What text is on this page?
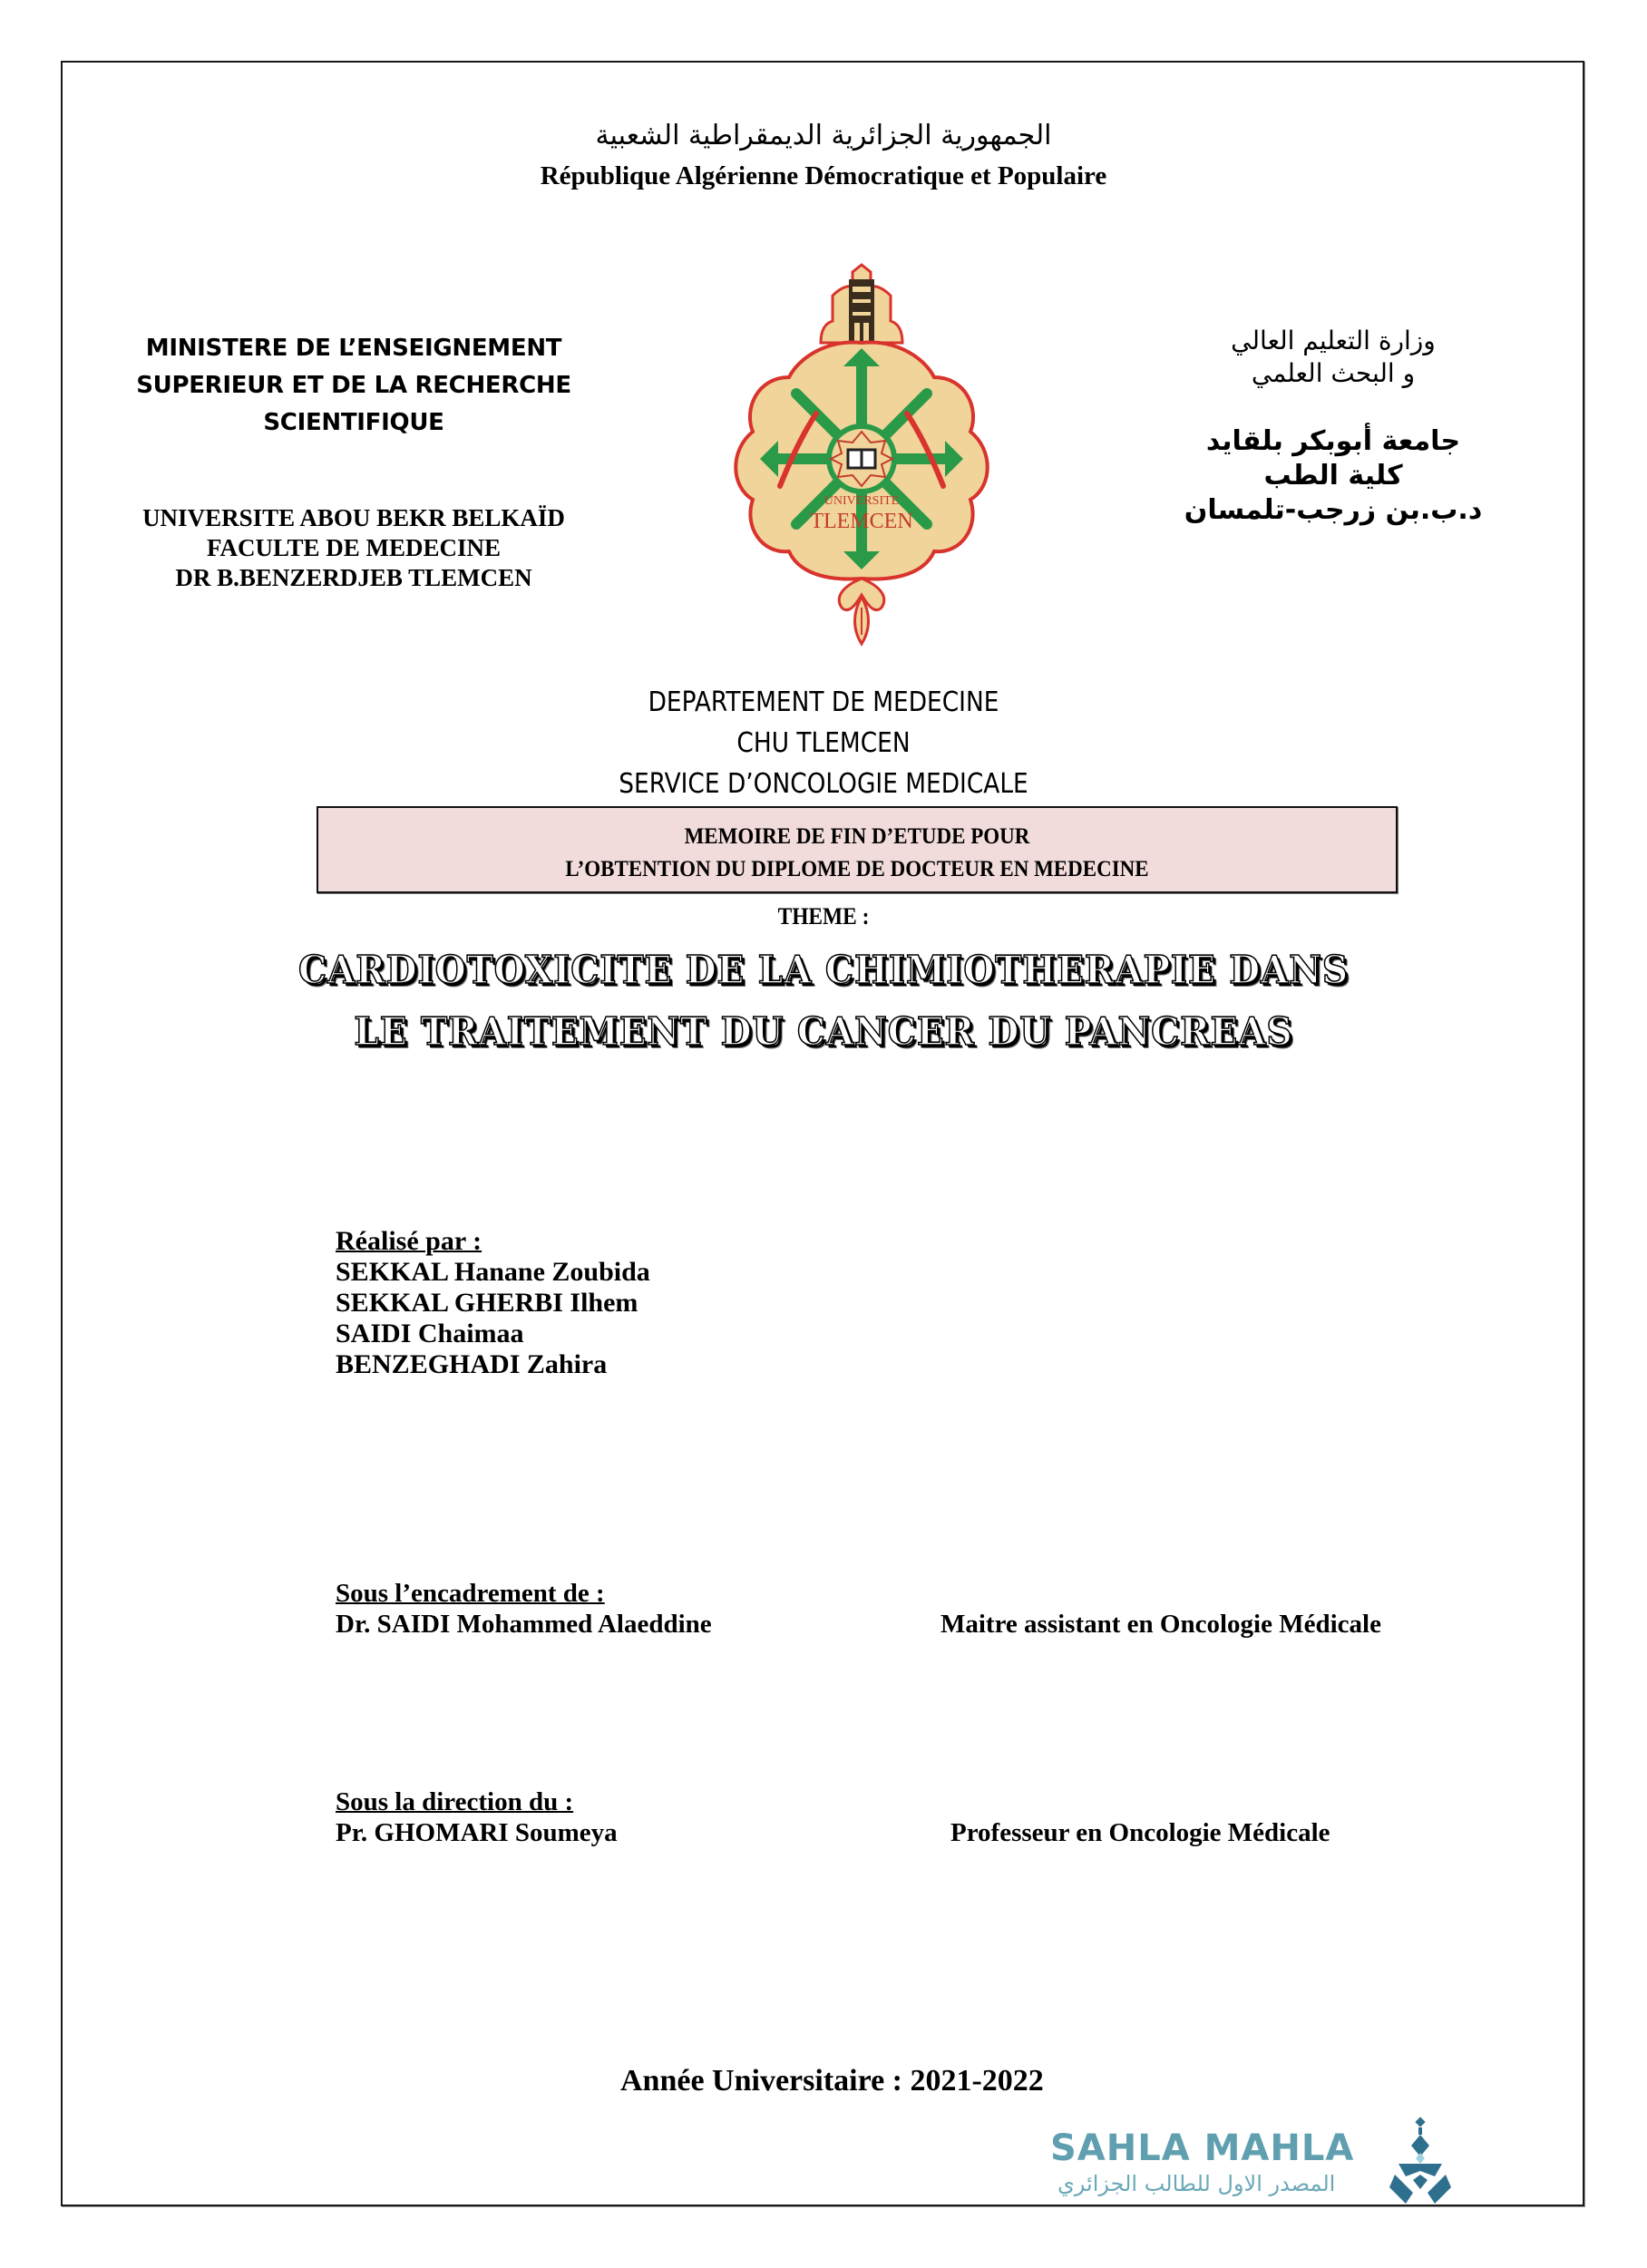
الجمهورية الجزائرية الديمقراطية الشعبية
République Algérienne Démocratique et Populaire
MINISTERE DE L’ENSEIGNEMENT
SUPERIEUR ET DE LA RECHERCHE
SCIENTIFIQUE
UNIVERSITE ABOU BEKR BELKAÏD
FACULTE DE MEDECINE
DR B.BENZERDJEB TLEMCEN
وزارة التعليم العالي
و البحث العلمي
جامعة أبوبكر بلقايد
كلية الطب
د.ب.بن زرجب-تلمسان
UNIVERSITE
TLEMCEN
DEPARTEMENT DE MEDECINE
CHU TLEMCEN
SERVICE D’ONCOLOGIE MEDICALE
MEMOIRE DE FIN D’ETUDE POUR
L’OBTENTION DU DIPLOME DE DOCTEUR EN MEDECINE
THEME :
CARDIOTOXICITE DE LA CHIMIOTHERAPIE DANS
LE TRAITEMENT DU CANCER DU PANCREAS
Réalisé par :
SEKKAL Hanane Zoubida
SEKKAL GHERBI Ilhem
SAIDI Chaimaa
BENZEGHADI Zahira
Sous l’encadrement de :
Dr. SAIDI Mohammed Alaeddine	Maitre assistant en Oncologie Médicale
Sous la direction du :
Pr. GHOMARI Soumeya	Professeur en Oncologie Médicale
Année Universitaire : 2021-2022
SAHLA MAHLA
المصدر الاول للطالب الجزائري
